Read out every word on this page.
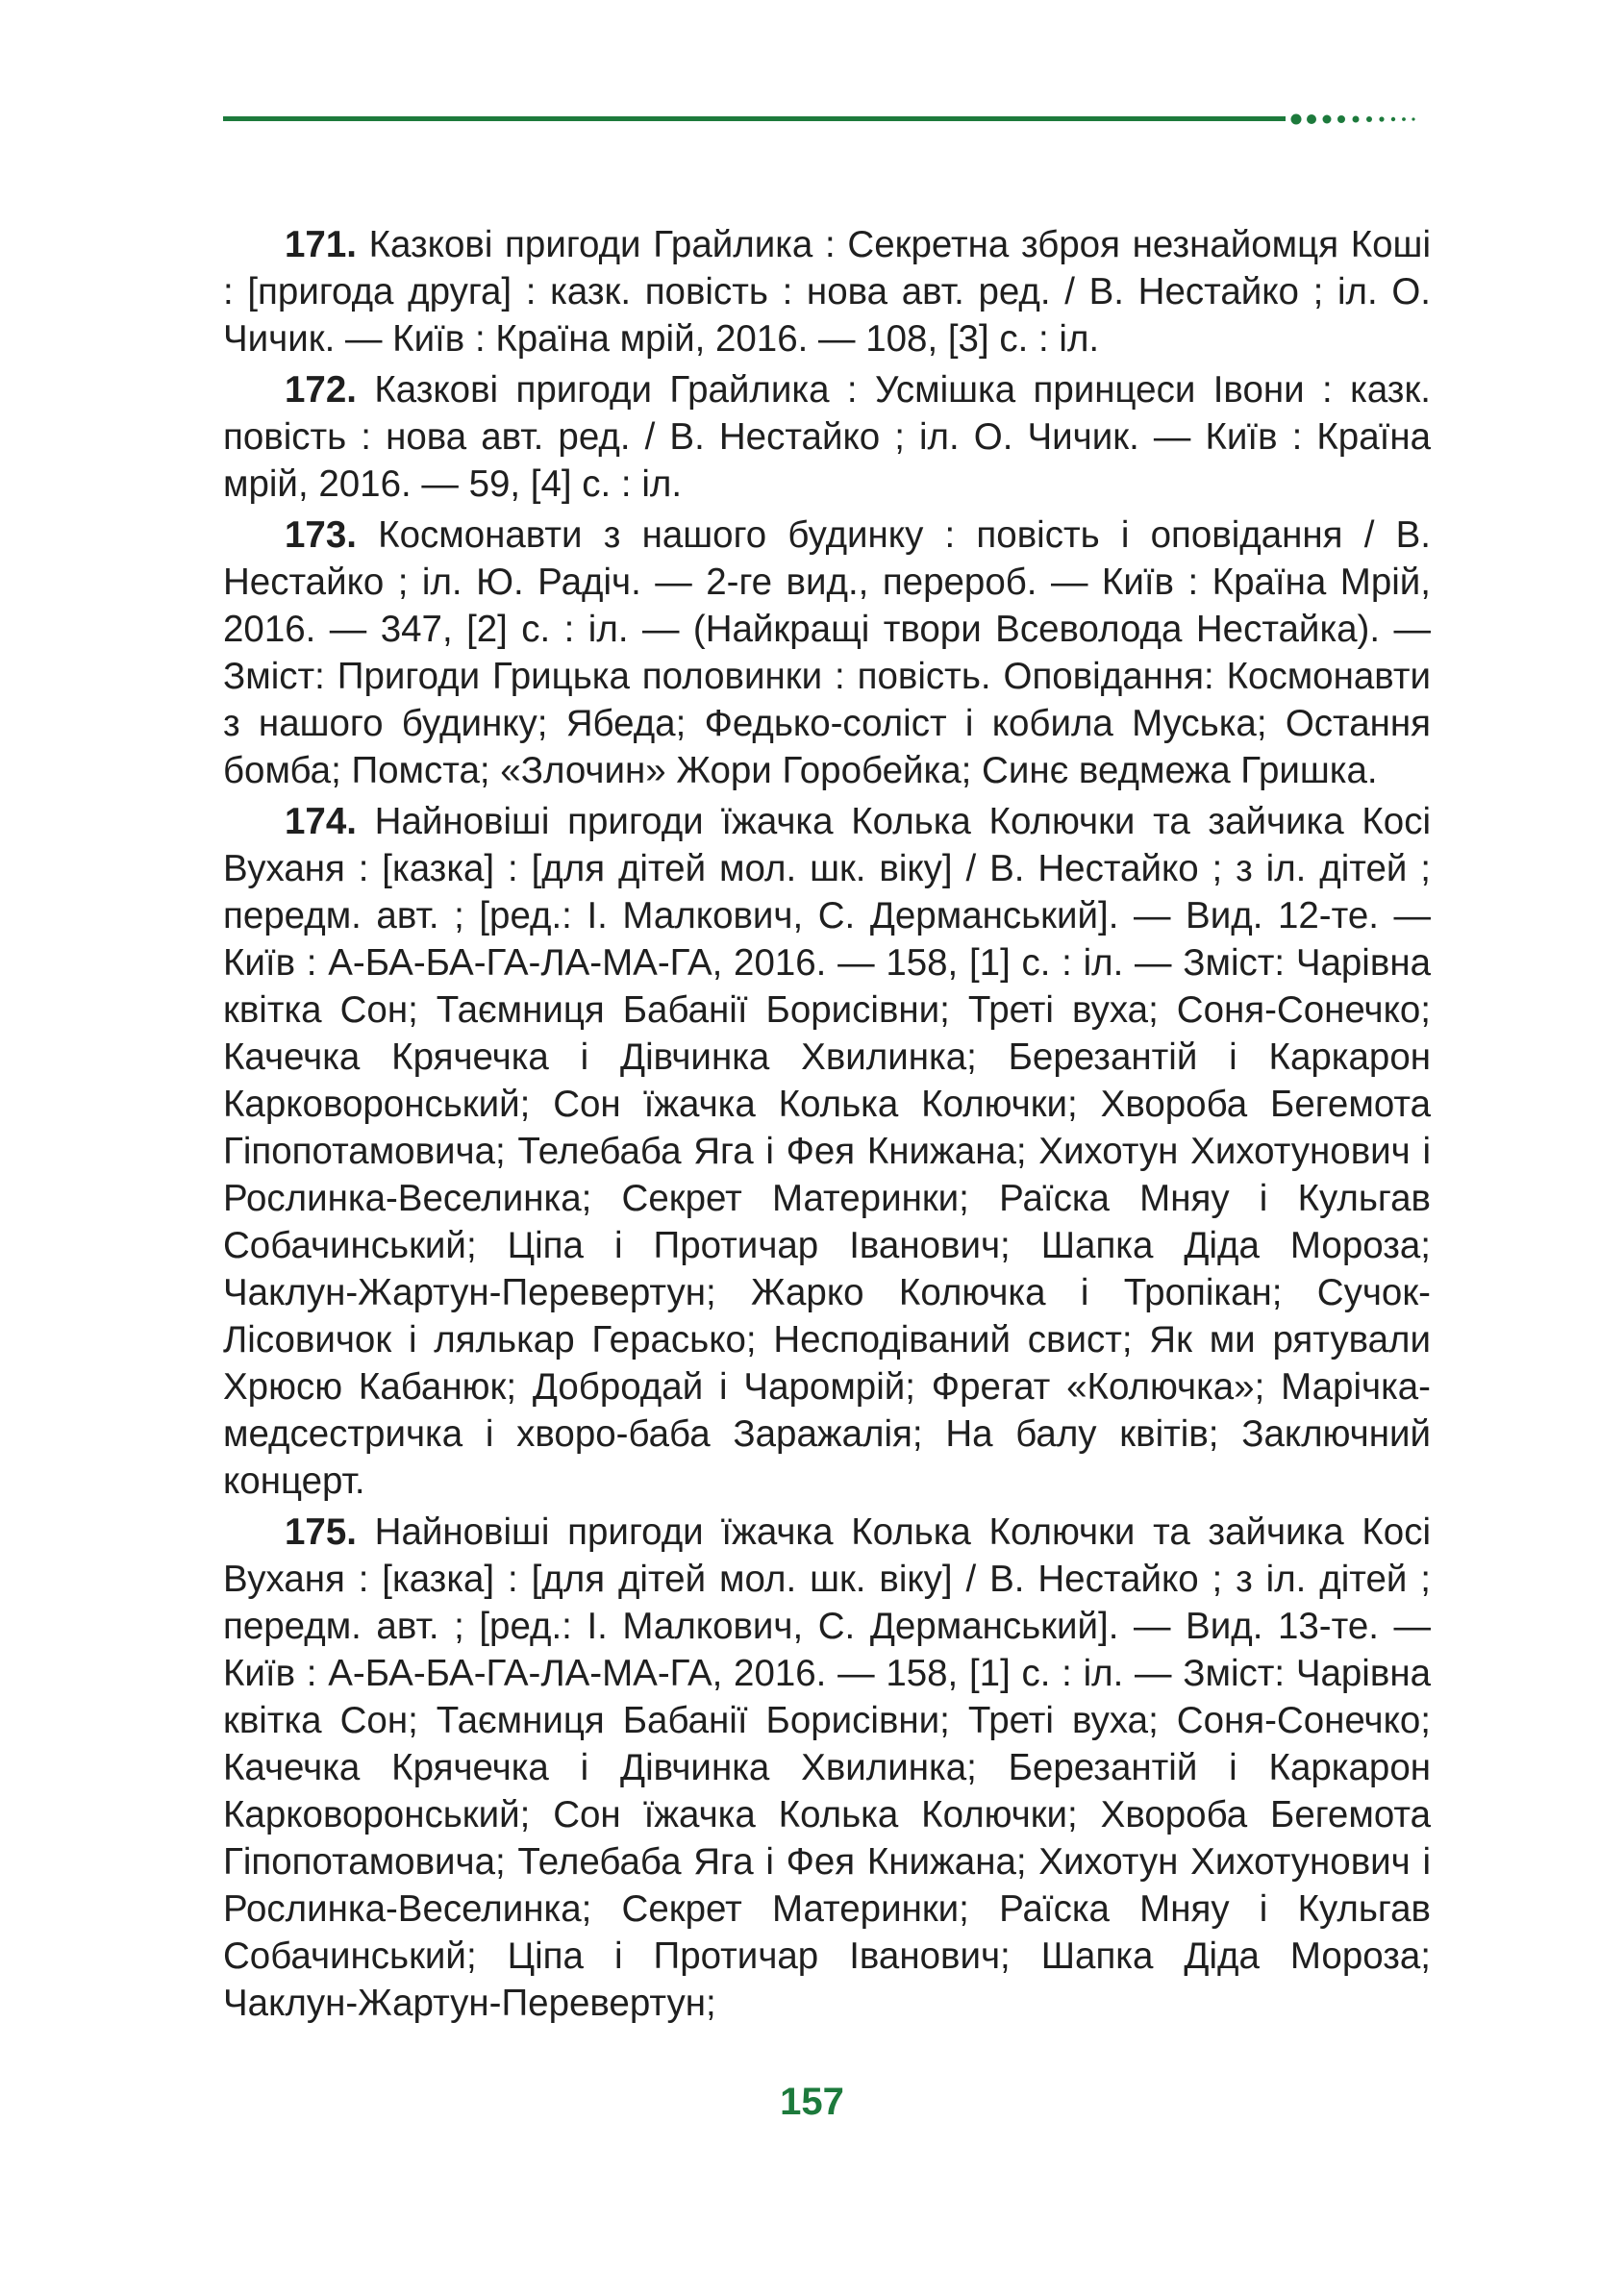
171. Казкові пригоди Грайлика : Секретна зброя незнайомця Коші : [пригода друга] : казк. повість : нова авт. ред. / В. Нестайко ; іл. О. Чичик. — Київ : Країна мрій, 2016. — 108, [3] с. : іл.

172. Казкові пригоди Грайлика : Усмішка принцеси Івони : казк. повість : нова авт. ред. / В. Нестайко ; іл. О. Чичик. — Київ : Країна мрій, 2016. — 59, [4] с. : іл.

173. Космонавти з нашого будинку : повість і оповідання / В. Нестайко ; іл. Ю. Радіч. — 2-ге вид., перероб. — Київ : Країна Мрій, 2016. — 347, [2] с. : іл. — (Найкращі твори Всеволода Нестайка). — Зміст: Пригоди Грицька половинки : повість. Оповідання: Космонавти з нашого будинку; Ябеда; Федько-соліст і кобила Муська; Остання бомба; Помста; «Злочин» Жори Горобейка; Синє ведмежа Гришка.

174. Найновіші пригоди їжачка Колька Колючки та зайчика Косі Вуханя : [казка] : [для дітей мол. шк. віку] / В. Нестайко ; з іл. дітей ; передм. авт. ; [ред.: І. Малкович, С. Дерманський]. — Вид. 12-те. — Київ : А-БА-БА-ГА-ЛА-МА-ГА, 2016. — 158, [1] с. : іл. — Зміст: Чарівна квітка Сон; Таємниця Бабанії Борисівни; Треті вуха; Соня-Сонечко; Качечка Крячечка і Дівчинка Хвилинка; Березантій і Каркарон Карковоронський; Сон їжачка Колька Колючки; Хвороба Бегемота Гіпопотамовича; Телебаба Яга і Фея Книжана; Хихотун Хихотунович і Рослинка-Веселинка; Секрет Материнки; Раїска Мняу і Кульгав Собачинський; Ціпа і Протичар Іванович; Шапка Діда Мороза; Чаклун-Жартун-Перевертун; Жарко Колючка і Тропікан; Сучок-Лісовичок і лялькар Герасько; Несподіваний свист; Як ми рятували Хрюсю Кабанюк; Добродай і Чаромрій; Фрегат «Колючка»; Марічка-медсестричка і хворо-баба Заражалія; На балу квітів; Заключний концерт.

175. Найновіші пригоди їжачка Колька Колючки та зайчика Косі Вуханя : [казка] : [для дітей мол. шк. віку] / В. Нестайко ; з іл. дітей ; передм. авт. ; [ред.: І. Малкович, С. Дерманський]. — Вид. 13-те. — Київ : А-БА-БА-ГА-ЛА-МА-ГА, 2016. — 158, [1] с. : іл. — Зміст: Чарівна квітка Сон; Таємниця Бабанії Борисівни; Треті вуха; Соня-Сонечко; Качечка Крячечка і Дівчинка Хвилинка; Березантій і Каркарон Карковоронський; Сон їжачка Колька Колючки; Хвороба Бегемота Гіпопотамовича; Телебаба Яга і Фея Книжана; Хихотун Хихотунович і Рослинка-Веселинка; Секрет Материнки; Раїска Мняу і Кульгав Собачинський; Ціпа і Протичар Іванович; Шапка Діда Мороза; Чаклун-Жартун-Перевертун;

157
